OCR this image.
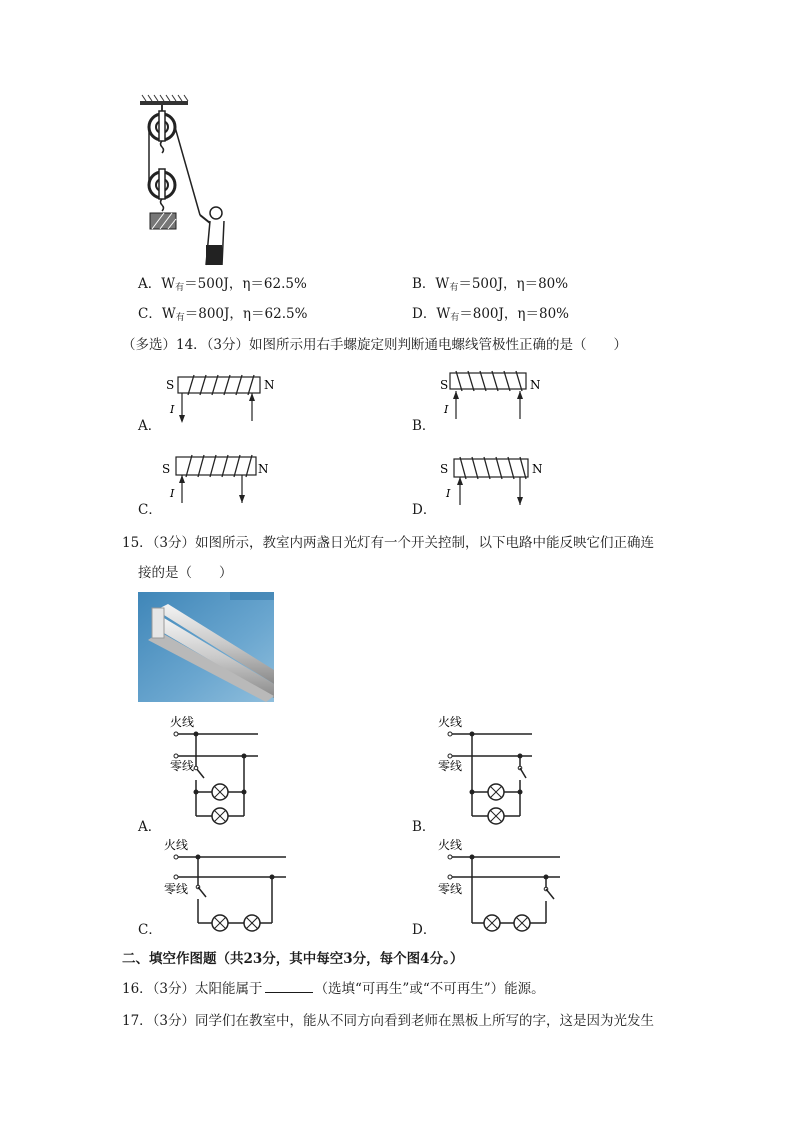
A．$W_有=500J$，η＝62.5%	B．$W_有=500J$，η＝80%
C．$W_有=800J$，η＝62.5%	D．$W_有=800J$，η＝80%
（多选）14．（3分）如图所示用右手螺旋定则判断通电螺线管极性正确的是（　　）
S	N
I
A．
S	N
I
B．
S	N
I
C．
S	N
I
D．
15．（3分）如图所示，教室内两盏日光灯有一个开关控制，以下电路中能反映它们正确连
接的是（　　）
火线
零线
A．
火线
零线
B．
火线
零线
C．
火线
零线
D．
二、填空作图题（共23分，其中每空3分，每个图4分。）
16．（3分）太阳能属于	（选填“可再生”或“不可再生”）能源。
17．（3分）同学们在教室中，能从不同方向看到老师在黑板上所写的字，这是因为光发生
